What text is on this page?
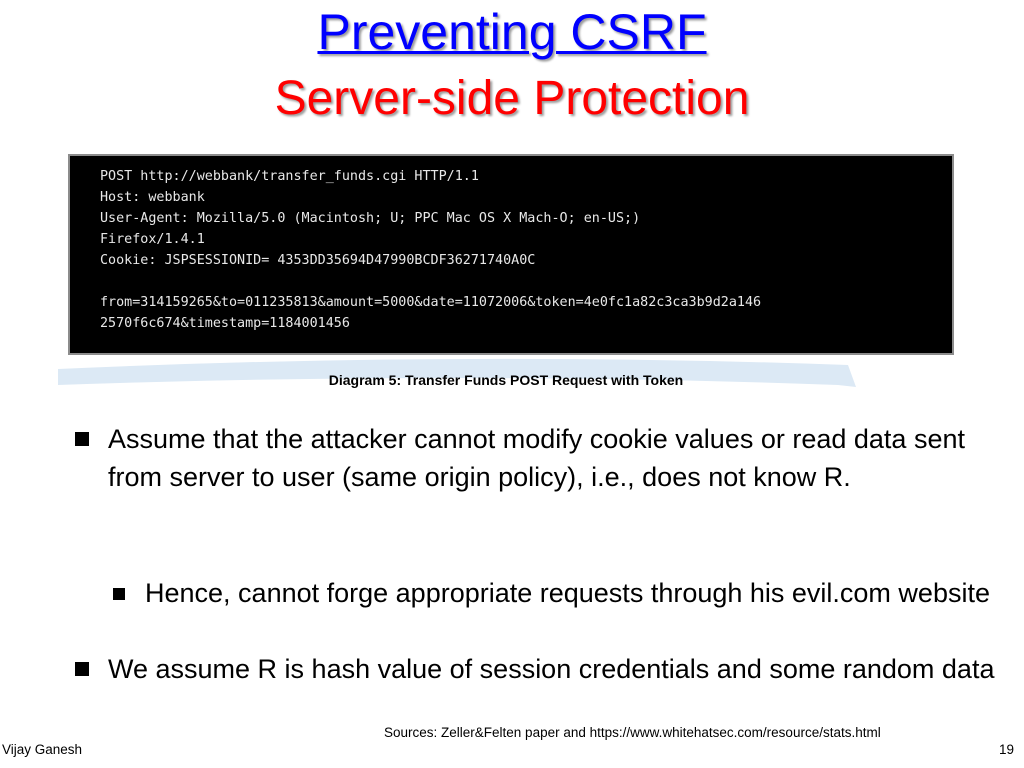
Preventing CSRF
Server-side Protection
POST http://webbank/transfer_funds.cgi HTTP/1.1
Host: webbank
User-Agent: Mozilla/5.0 (Macintosh; U; PPC Mac OS X Mach-O; en-US;)
Firefox/1.4.1
Cookie: JSPSESSIONID= 4353DD35694D47990BCDF36271740A0C
from=314159265&to=011235813&amount=5000&date=11072006&token=4e0fc1a82c3ca3b9d2a146
2570f6c674&timestamp=1184001456
Diagram 5: Transfer Funds POST Request with Token
Assume that the attacker cannot modify cookie values or read data sent from server to user (same origin policy), i.e., does not know R.
Hence, cannot forge appropriate requests through his evil.com website
We assume R is hash value of session credentials and some random data
Sources: Zeller&Felten paper and https://www.whitehatsec.com/resource/stats.html
Vijay Ganesh	19
